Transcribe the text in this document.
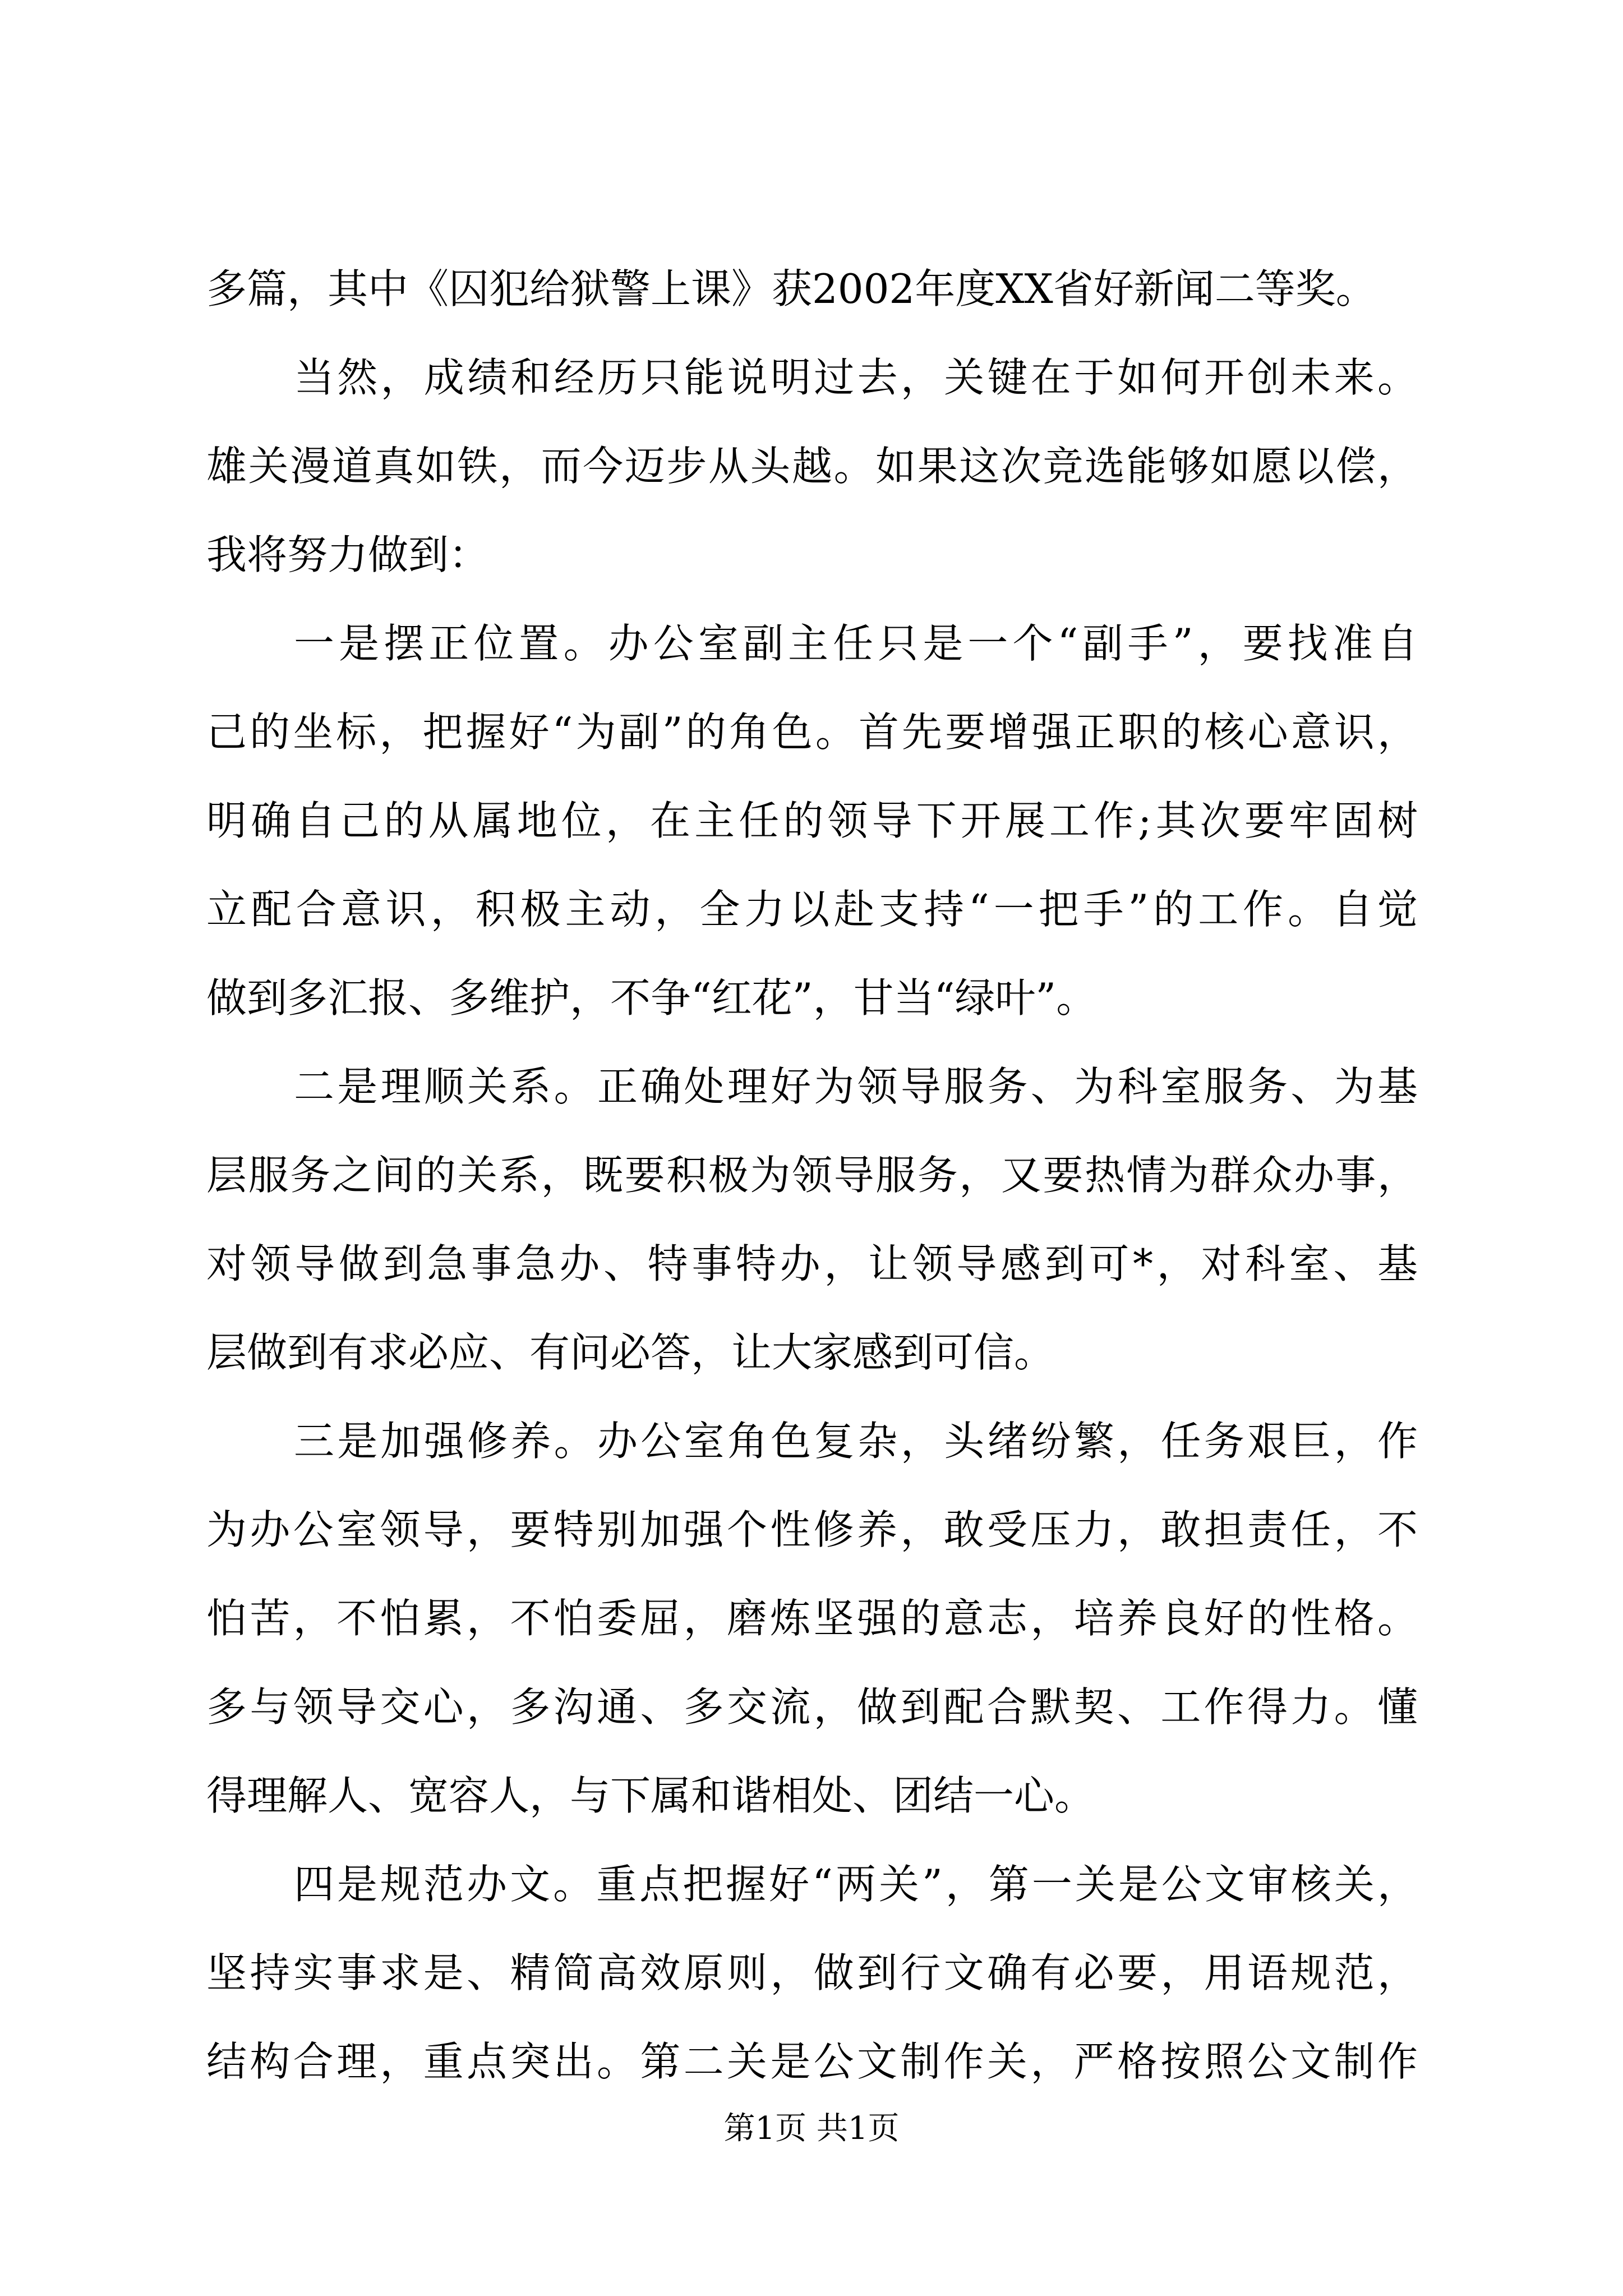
多篇，其中《囚犯给狱警上课》获2002年度XX省好新闻二等奖。
当然，成绩和经历只能说明过去，关键在于如何开创未来。
雄关漫道真如铁，而今迈步从头越。如果这次竞选能够如愿以偿，
我将努力做到：
一是摆正位置。办公室副主任只是一个“副手”，要找准自
己的坐标，把握好“为副”的角色。首先要增强正职的核心意识，
明确自己的从属地位，在主任的领导下开展工作;其次要牢固树
立配合意识，积极主动，全力以赴支持“一把手”的工作。自觉
做到多汇报、多维护，不争“红花”，甘当“绿叶”。
二是理顺关系。正确处理好为领导服务、为科室服务、为基
层服务之间的关系，既要积极为领导服务，又要热情为群众办事，
对领导做到急事急办、特事特办，让领导感到可*，对科室、基
层做到有求必应、有问必答，让大家感到可信。
三是加强修养。办公室角色复杂，头绪纷繁，任务艰巨，作
为办公室领导，要特别加强个性修养，敢受压力，敢担责任，不
怕苦，不怕累，不怕委屈，磨炼坚强的意志，培养良好的性格。
多与领导交心，多沟通、多交流，做到配合默契、工作得力。懂
得理解人、宽容人，与下属和谐相处、团结一心。
四是规范办文。重点把握好“两关”，第一关是公文审核关，
坚持实事求是、精简高效原则，做到行文确有必要，用语规范，
结构合理，重点突出。第二关是公文制作关，严格按照公文制作
第1页 共1页
